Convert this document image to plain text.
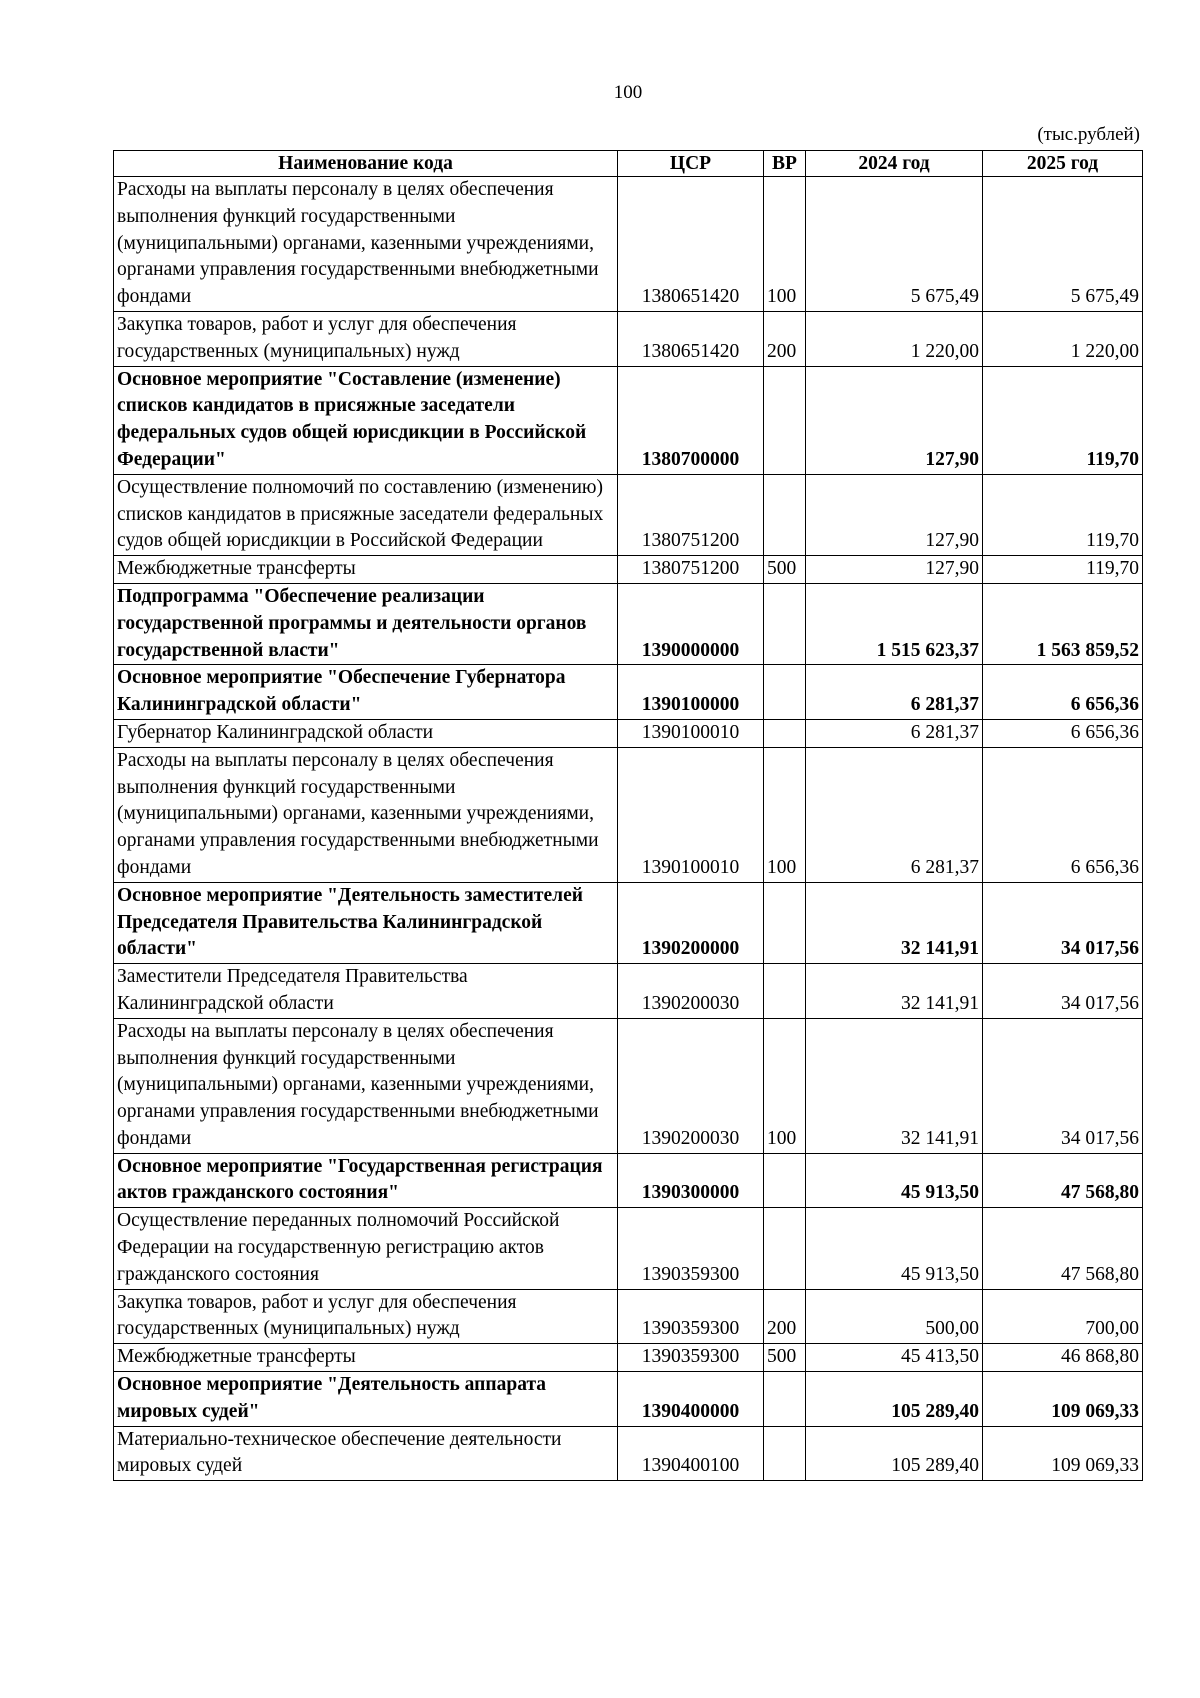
100
(тыс.рублей)
Наименование кода	ЦСР	ВР	2024 год	2025 год
Расходы на выплаты персоналу в целях обеспечения выполнения функций государственными (муниципальными) органами, казенными учреждениями, органами управления государственными внебюджетными фондами	1380651420	100	5 675,49	5 675,49
Закупка товаров, работ и услуг для обеспечения государственных (муниципальных) нужд	1380651420	200	1 220,00	1 220,00
Основное мероприятие "Составление (изменение) списков кандидатов в присяжные заседатели федеральных судов общей юрисдикции в Российской Федерации"	1380700000		127,90	119,70
Осуществление полномочий по составлению (изменению) списков кандидатов в присяжные заседатели федеральных судов общей юрисдикции в Российской Федерации	1380751200		127,90	119,70
Межбюджетные трансферты	1380751200	500	127,90	119,70
Подпрограмма "Обеспечение реализации государственной программы и деятельности органов государственной власти"	1390000000		1 515 623,37	1 563 859,52
Основное мероприятие "Обеспечение Губернатора Калининградской области"	1390100000		6 281,37	6 656,36
Губернатор Калининградской области	1390100010		6 281,37	6 656,36
Расходы на выплаты персоналу в целях обеспечения выполнения функций государственными (муниципальными) органами, казенными учреждениями, органами управления государственными внебюджетными фондами	1390100010	100	6 281,37	6 656,36
Основное мероприятие "Деятельность заместителей Председателя Правительства Калининградской области"	1390200000		32 141,91	34 017,56
Заместители Председателя Правительства Калининградской области	1390200030		32 141,91	34 017,56
Расходы на выплаты персоналу в целях обеспечения выполнения функций государственными (муниципальными) органами, казенными учреждениями, органами управления государственными внебюджетными фондами	1390200030	100	32 141,91	34 017,56
Основное мероприятие "Государственная регистрация актов гражданского состояния"	1390300000		45 913,50	47 568,80
Осуществление переданных полномочий Российской Федерации на государственную регистрацию актов гражданского состояния	1390359300		45 913,50	47 568,80
Закупка товаров, работ и услуг для обеспечения государственных (муниципальных) нужд	1390359300	200	500,00	700,00
Межбюджетные трансферты	1390359300	500	45 413,50	46 868,80
Основное мероприятие "Деятельность аппарата мировых судей"	1390400000		105 289,40	109 069,33
Материально-техническое обеспечение деятельности мировых судей	1390400100		105 289,40	109 069,33
